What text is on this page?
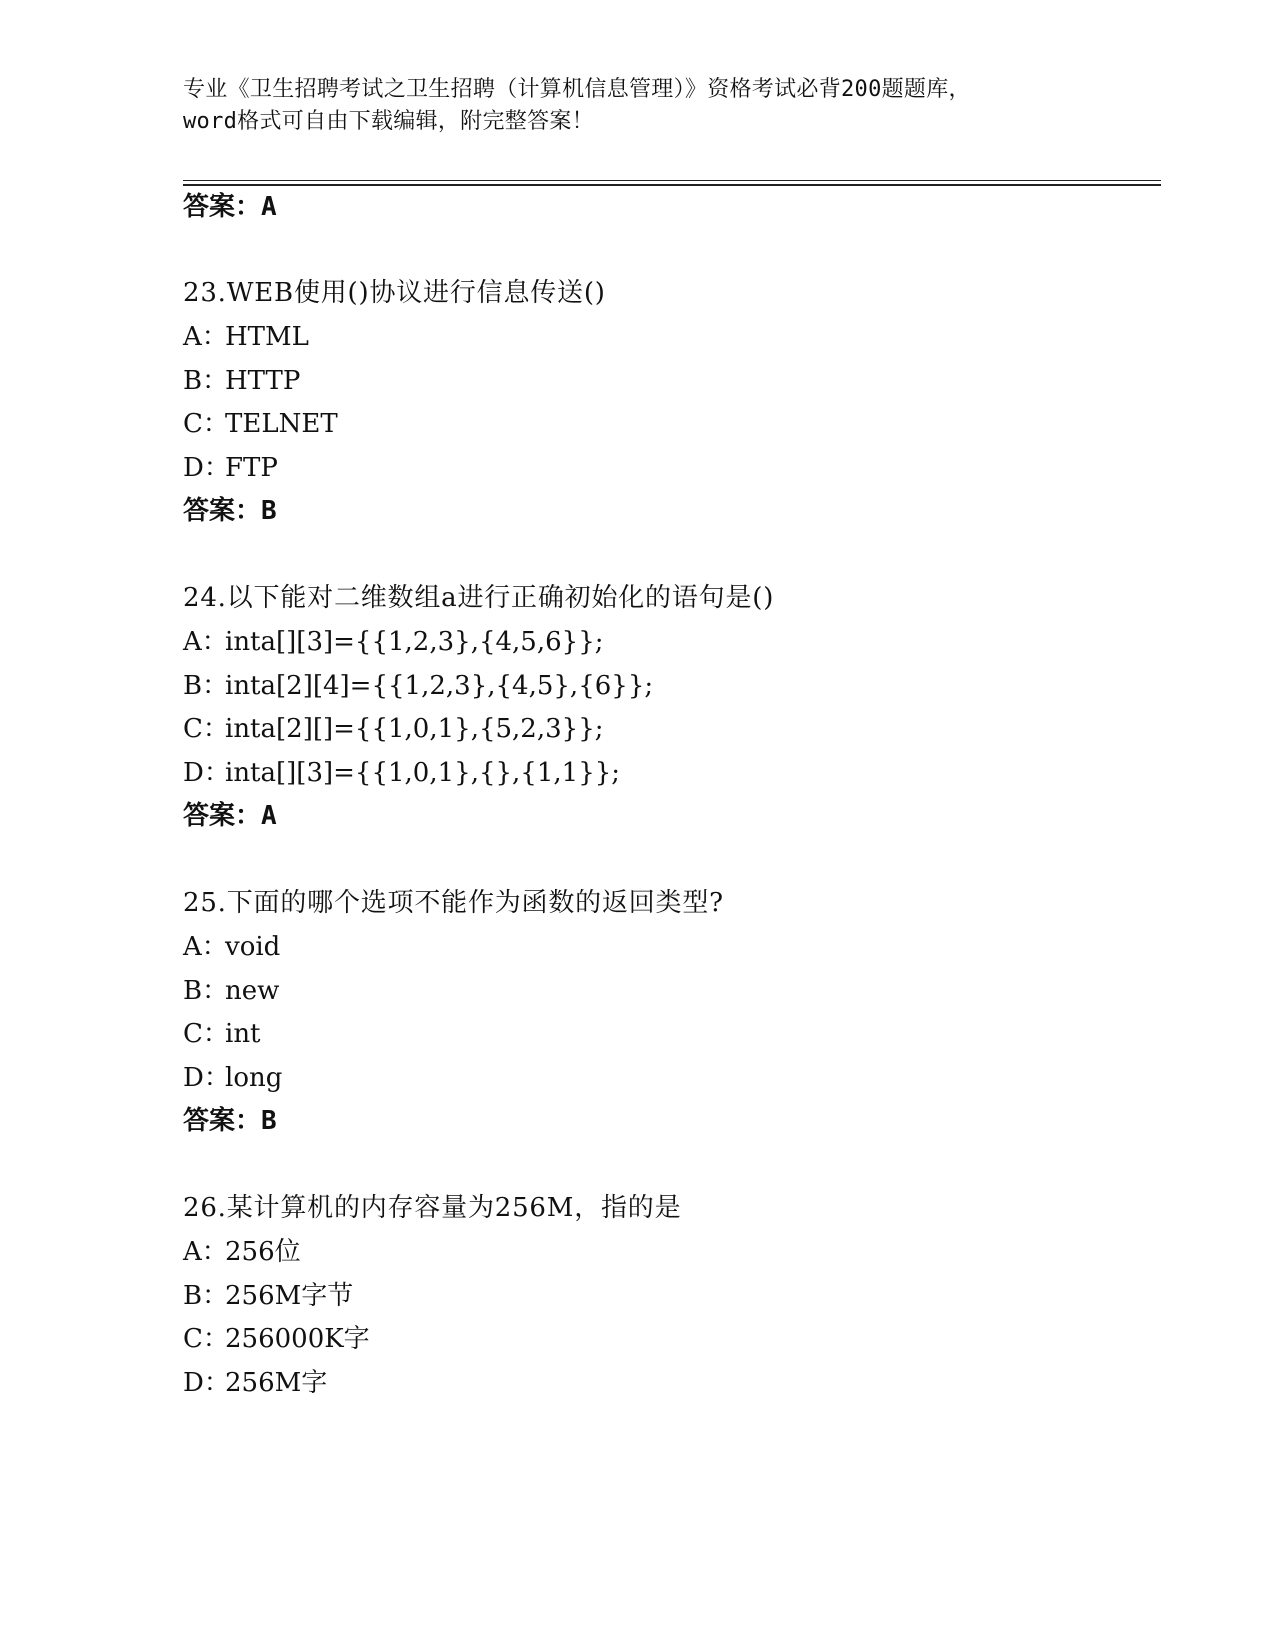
专业《卫生招聘考试之卫生招聘（计算机信息管理）》资格考试必背200题题库，
word格式可自由下载编辑，附完整答案！
答案：A
23.WEB使用()协议进行信息传送()
A：HTML
B：HTTP
C：TELNET
D：FTP
答案：B
24.以下能对二维数组a进行正确初始化的语句是()
A：inta[][3]={{1,2,3},{4,5,6}};
B：inta[2][4]={{1,2,3},{4,5},{6}};
C：inta[2][]={{1,0,1},{5,2,3}};
D：inta[][3]={{1,0,1},{},{1,1}};
答案：A
25.下面的哪个选项不能作为函数的返回类型?
A：void
B：new
C：int
D：long
答案：B
26.某计算机的内存容量为256M，指的是
A：256位
B：256M字节
C：256000K字
D：256M字
